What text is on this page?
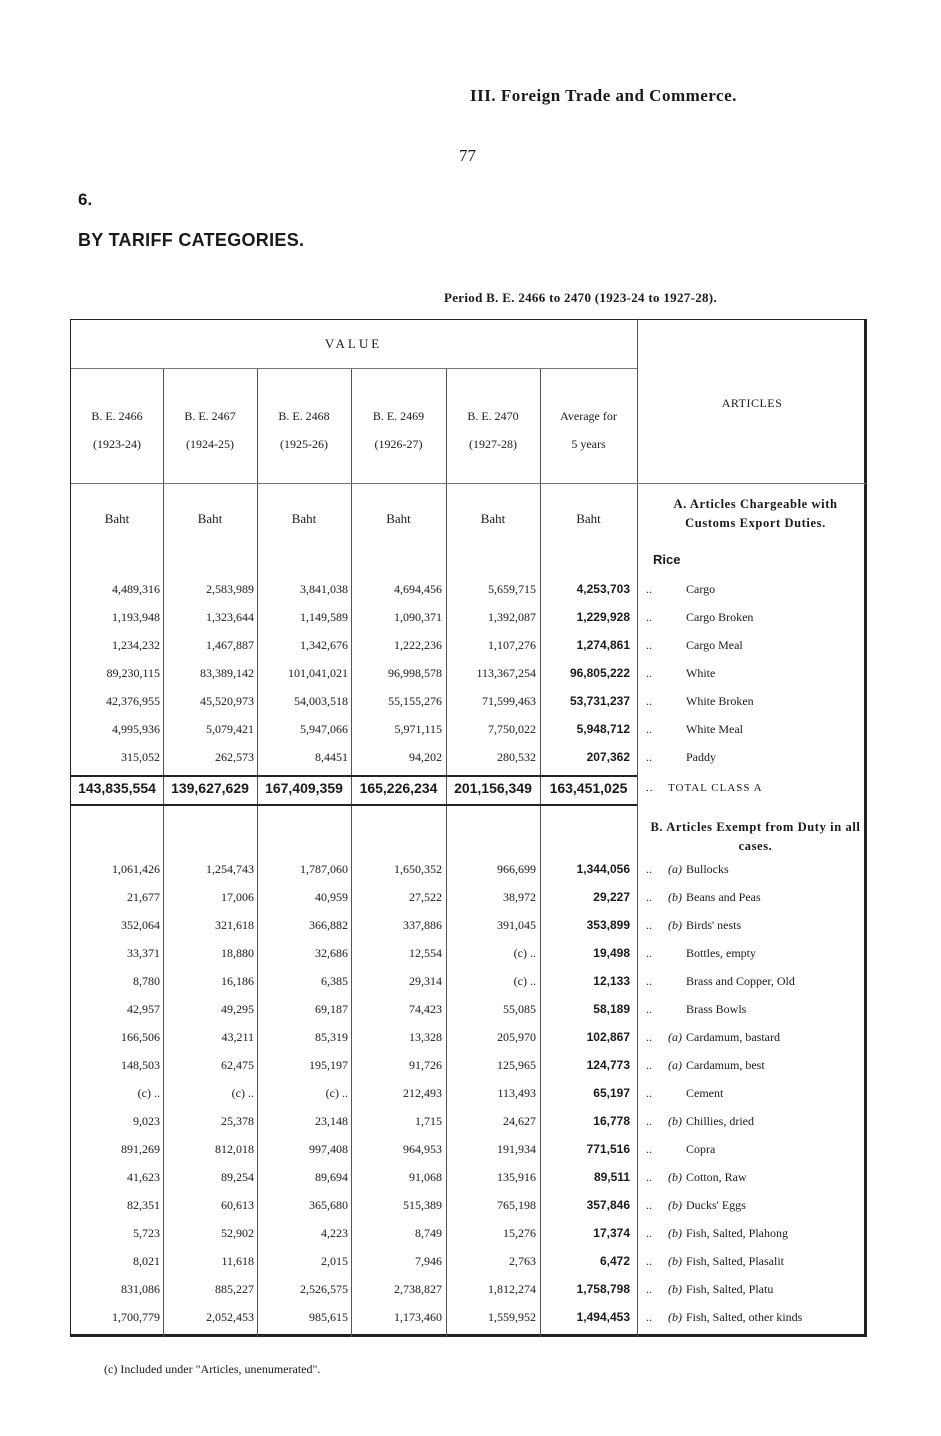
III. Foreign Trade and Commerce.
77
6.
BY TARIFF CATEGORIES.
Period B. E. 2466 to 2470 (1923-24 to 1927-28).
VALUE
ARTICLES
B. E. 2466
(1923-24)
B. E. 2467
(1924-25)
B. E. 2468
(1925-26)
B. E. 2469
(1926-27)
B. E. 2470
(1927-28)
Average for
5 years
Baht	Baht	Baht	Baht	Baht	Baht
A. Articles Chargeable with Customs Export Duties.
Rice
B. Articles Exempt from Duty in all cases.
4,489,316	2,583,989	3,841,038	4,694,456	5,659,715	4,253,703 ..	Cargo
1,193,948	1,323,644	1,149,589	1,090,371	1,392,087	1,229,928 ..	Cargo Broken
1,234,232	1,467,887	1,342,676	1,222,236	1,107,276	1,274,861 ..	Cargo Meal
89,230,115	83,389,142	101,041,021	96,998,578	113,367,254	96,805,222 ..	White
42,376,955	45,520,973	54,003,518	55,155,276	71,599,463	53,731,237 ..	White Broken
4,995,936	5,079,421	5,947,066	5,971,115	7,750,022	5,948,712 ..	White Meal
315,052	262,573	8,4451	94,202	280,532	207,362 ..	Paddy
143,835,554	139,627,629	167,409,359	165,226,234	201,156,349	163,451,025	.. TOTAL CLASS A
1,061,426	1,254,743	1,787,060	1,650,352	966,699	1,344,056 .. (a) Bullocks
21,677	17,006	40,959	27,522	38,972	29,227 .. (b) Beans and Peas
352,064	321,618	366,882	337,886	391,045	353,899 .. (b) Birds' nests
33,371	18,880	32,686	12,554	(c) ..	19,498 ..	Bottles, empty
8,780	16,186	6,385	29,314	(c) ..	12,133 ..	Brass and Copper, Old
42,957	49,295	69,187	74,423	55,085	58,189 ..	Brass Bowls
166,506	43,211	85,319	13,328	205,970	102,867 .. (a) Cardamum, bastard
148,503	62,475	195,197	91,726	125,965	124,773 .. (a) Cardamum, best
(c) ..	(c) ..	(c) ..	212,493	113,493	65,197 ..	Cement
9,023	25,378	23,148	1,715	24,627	16,778 .. (b) Chillies, dried
891,269	812,018	997,408	964,953	191,934	771,516 ..	Copra
41,623	89,254	89,694	91,068	135,916	89,511 .. (b) Cotton, Raw
82,351	60,613	365,680	515,389	765,198	357,846 .. (b) Ducks' Eggs
5,723	52,902	4,223	8,749	15,276	17,374 .. (b) Fish, Salted, Plahong
8,021	11,618	2,015	7,946	2,763	6,472 .. (b) Fish, Salted, Plasalit
831,086	885,227	2,526,575	2,738,827	1,812,274	1,758,798 .. (b) Fish, Salted, Platu
1,700,779	2,052,453	985,615	1,173,460	1,559,952	1,494,453 .. (b) Fish, Salted, other kinds
(c) Included under "Articles, unenumerated".
